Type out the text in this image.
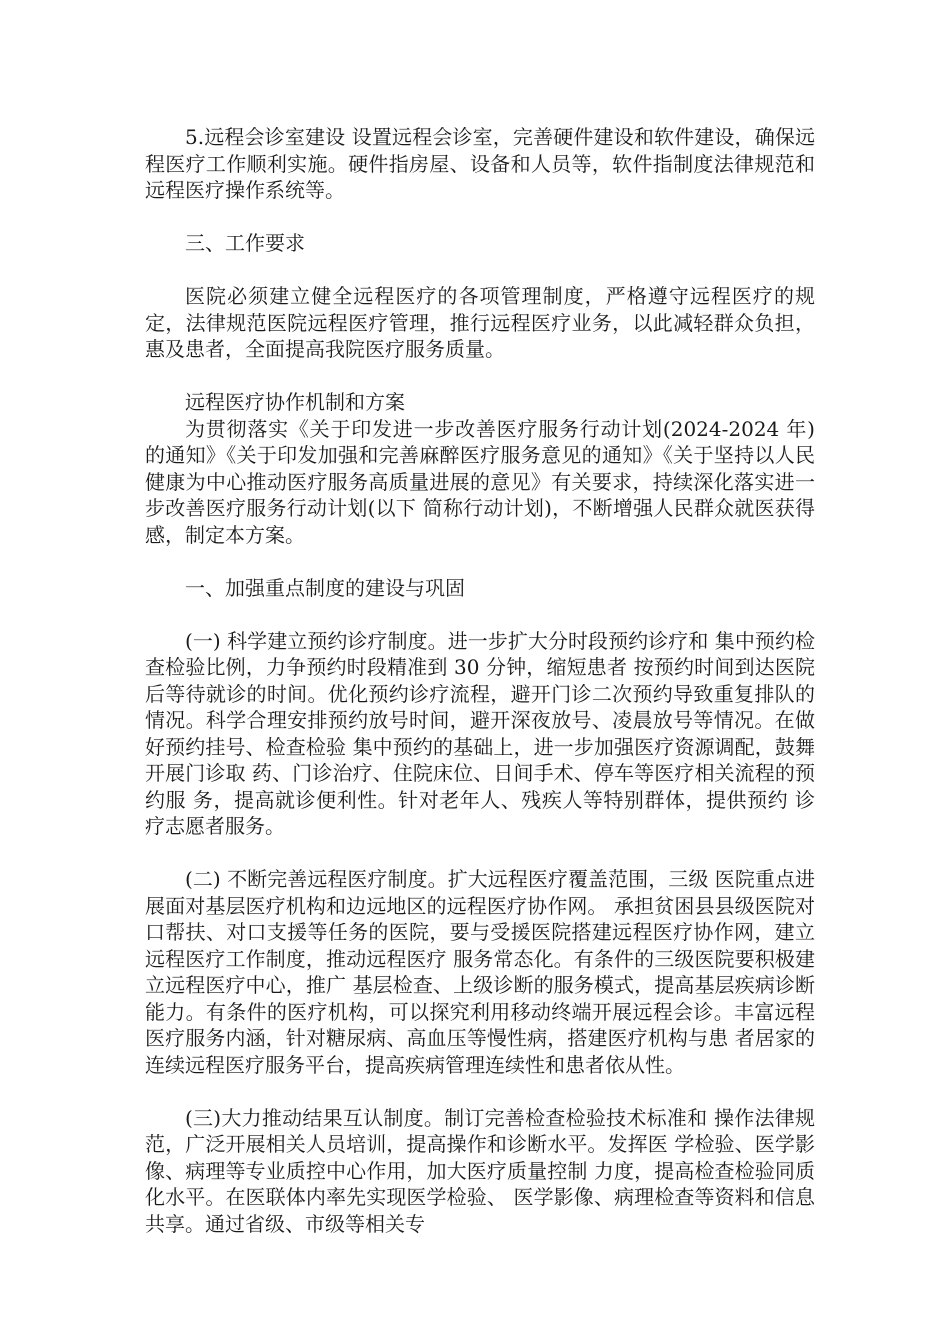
5.远程会诊室建设 设置远程会诊室，完善硬件建设和软件建设，确保远程医疗工作顺利实施。硬件指房屋、设备和人员等，软件指制度法律规范和远程医疗操作系统等。

三、工作要求

医院必须建立健全远程医疗的各项管理制度，严格遵守远程医疗的规定，法律规范医院远程医疗管理，推行远程医疗业务，以此减轻群众负担，惠及患者，全面提高我院医疗服务质量。

远程医疗协作机制和方案

为贯彻落实《关于印发进一步改善医疗服务行动计划(2024-2024 年)的通知》《关于印发加强和完善麻醉医疗服务意见的通知》《关于坚持以人民健康为中心推动医疗服务高质量进展的意见》有关要求，持续深化落实进一步改善医疗服务行动计划(以下 简称行动计划)，不断增强人民群众就医获得感，制定本方案。

一、加强重点制度的建设与巩固

(一) 科学建立预约诊疗制度。进一步扩大分时段预约诊疗和 集中预约检查检验比例，力争预约时段精准到 30 分钟，缩短患者 按预约时间到达医院后等待就诊的时间。优化预约诊疗流程，避开门诊二次预约导致重复排队的情况。科学合理安排预约放号时间，避开深夜放号、凌晨放号等情况。在做好预约挂号、检查检验 集中预约的基础上，进一步加强医疗资源调配，鼓舞开展门诊取 药、门诊治疗、住院床位、日间手术、停车等医疗相关流程的预约服 务，提高就诊便利性。针对老年人、残疾人等特别群体，提供预约 诊疗志愿者服务。

(二) 不断完善远程医疗制度。扩大远程医疗覆盖范围，三级 医院重点进展面对基层医疗机构和边远地区的远程医疗协作网。 承担贫困县县级医院对口帮扶、对口支援等任务的医院，要与受援医院搭建远程医疗协作网，建立远程医疗工作制度，推动远程医疗 服务常态化。有条件的三级医院要积极建立远程医疗中心，推广 基层检查、上级诊断的服务模式，提高基层疾病诊断能力。有条件的医疗机构，可以探究利用移动终端开展远程会诊。丰富远程 医疗服务内涵，针对糖尿病、高血压等慢性病，搭建医疗机构与患 者居家的连续远程医疗服务平台，提高疾病管理连续性和患者依从性。

(三)大力推动结果互认制度。制订完善检查检验技术标准和 操作法律规范，广泛开展相关人员培训，提高操作和诊断水平。发挥医 学检验、医学影像、病理等专业质控中心作用，加大医疗质量控制 力度，提高检查检验同质化水平。在医联体内率先实现医学检验、 医学影像、病理检查等资料和信息共享。通过省级、市级等相关专
